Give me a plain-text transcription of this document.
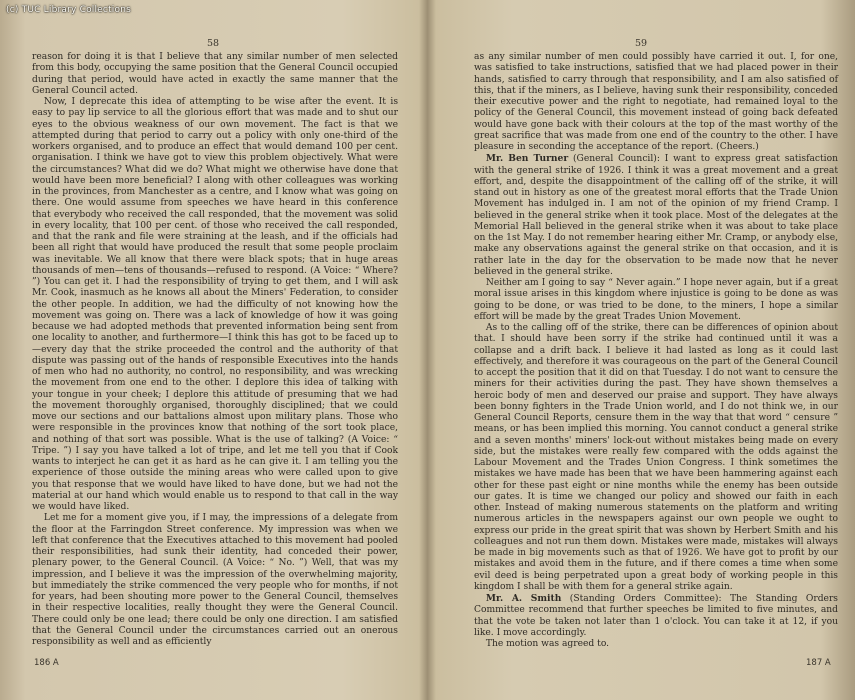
(c) TUC Library Collections
58

reason for doing it is that I believe that any similar number of men selected from this body, occupying the same position that the General Council occupied during that period, would have acted in exactly the same manner that the General Council acted.

Now, I deprecate this idea of attempting to be wise after the event. It is easy to pay lip service to all the glorious effort that was made and to shut our eyes to the obvious weakness of our own movement. The fact is that we attempted during that period to carry out a policy with only one-third of the workers organised, and to produce an effect that would demand 100 per cent. organisation. I think we have got to view this problem objectively. What were the circumstances? What did we do? What might we otherwise have done that would have been more beneficial? I along with other colleagues was working in the provinces, from Manchester as a centre, and I know what was going on there. One would assume from speeches we have heard in this conference that everybody who received the call responded, that the movement was solid in every locality, that 100 per cent. of those who received the call responded, and that the rank and file were straining at the leash, and if the officials had been all right that would have produced the result that some people proclaim was inevitable. We all know that there were black spots; that in huge areas thousands of men—tens of thousands—refused to respond. (A Voice: “ Where? ”) You can get it. I had the responsibility of trying to get them, and I will ask Mr. Cook, inasmuch as he knows all about the Miners' Federation, to consider the other people. In addition, we had the difficulty of not knowing how the movement was going on. There was a lack of knowledge of how it was going because we had adopted methods that prevented information being sent from one locality to another, and furthermore—I think this has got to be faced up to—every day that the strike proceeded the control and the authority of that dispute was passing out of the hands of responsible Executives into the hands of men who had no authority, no control, no responsibility, and was wrecking the movement from one end to the other. I deplore this idea of talking with your tongue in your cheek; I deplore this attitude of presuming that we had the movement thoroughly organised, thoroughly disciplined; that we could move our sections and our battalions almost upon military plans. Those who were responsible in the provinces know that nothing of the sort took place, and nothing of that sort was possible. What is the use of talking? (A Voice: “ Tripe. ”) I say you have talked a lot of tripe, and let me tell you that if Cook wants to interject he can get it as hard as he can give it. I am telling you the experience of those outside the mining areas who were called upon to give you that response that we would have liked to have done, but we had not the material at our hand which would enable us to respond to that call in the way we would have liked.

Let me for a moment give you, if I may, the impressions of a delegate from the floor at the Farringdon Street conference. My impression was when we left that conference that the Executives attached to this movement had pooled their responsibilities, had sunk their identity, had conceded their power, plenary power, to the General Council. (A Voice: “ No. ”) Well, that was my impression, and I believe it was the impression of the overwhelming majority, but immediately the strike commenced the very people who for months, if not for years, had been shouting more power to the General Council, themselves in their respective localities, really thought they were the General Council. There could only be one lead; there could be only one direction. I am satisfied that the General Council under the circumstances carried out an onerous responsibility as well and as efficiently

186 A
59

as any similar number of men could possibly have carried it out. I, for one, was satisfied to take instructions, satisfied that we had placed power in their hands, satisfied to carry through that responsibility, and I am also satisfied of this, that if the miners, as I believe, having sunk their responsibility, conceded their executive power and the right to negotiate, had remained loyal to the policy of the General Council, this movement instead of going back defeated would have gone back with their colours at the top of the mast worthy of the great sacrifice that was made from one end of the country to the other. I have pleasure in seconding the acceptance of the report. (Cheers.)

Mr. Ben Turner (General Council): I want to express great satisfaction with the general strike of 1926. I think it was a great movement and a great effort, and, despite the disappointment of the calling off of the strike, it will stand out in history as one of the greatest moral efforts that the Trade Union Movement has indulged in. I am not of the opinion of my friend Cramp. I believed in the general strike when it took place. Most of the delegates at the Memorial Hall believed in the general strike when it was about to take place on the 1st May. I do not remember hearing either Mr. Cramp, or anybody else, make any observations against the general strike on that occasion, and it is rather late in the day for the observation to be made now that he never believed in the general strike.

Neither am I going to say “ Never again.” I hope never again, but if a great moral issue arises in this kingdom where injustice is going to be done as was going to be done, or was tried to be done, to the miners, I hope a similar effort will be made by the great Trades Union Movement.

As to the calling off of the strike, there can be differences of opinion about that. I should have been sorry if the strike had continued until it was a collapse and a drift back. I believe it had lasted as long as it could last effectively, and therefore it was courageous on the part of the General Council to accept the position that it did on that Tuesday. I do not want to censure the miners for their activities during the past. They have shown themselves a heroic body of men and deserved our praise and support. They have always been bonny fighters in the Trade Union world, and I do not think we, in our General Council Reports, censure them in the way that that word “ censure ” means, or has been implied this morning. You cannot conduct a general strike and a seven months' miners' lock-out without mistakes being made on every side, but the mistakes were really few compared with the odds against the Labour Movement and the Trades Union Congress. I think sometimes the mistakes we have made has been that we have been hammering against each other for these past eight or nine months while the enemy has been outside our gates. It is time we changed our policy and showed our faith in each other. Instead of making numerous statements on the platform and writing numerous articles in the newspapers against our own people we ought to express our pride in the great spirit that was shown by Herbert Smith and his colleagues and not run them down. Mistakes were made, mistakes will always be made in big movements such as that of 1926. We have got to profit by our mistakes and avoid them in the future, and if there comes a time when some evil deed is being perpetrated upon a great body of working people in this kingdom I shall be with them for a general strike again.

Mr. A. Smith (Standing Orders Committee): The Standing Orders Committee recommend that further speeches be limited to five minutes, and that the vote be taken not later than 1 o'clock. You can take it at 12, if you like. I move accordingly.

The motion was agreed to.

187 A
